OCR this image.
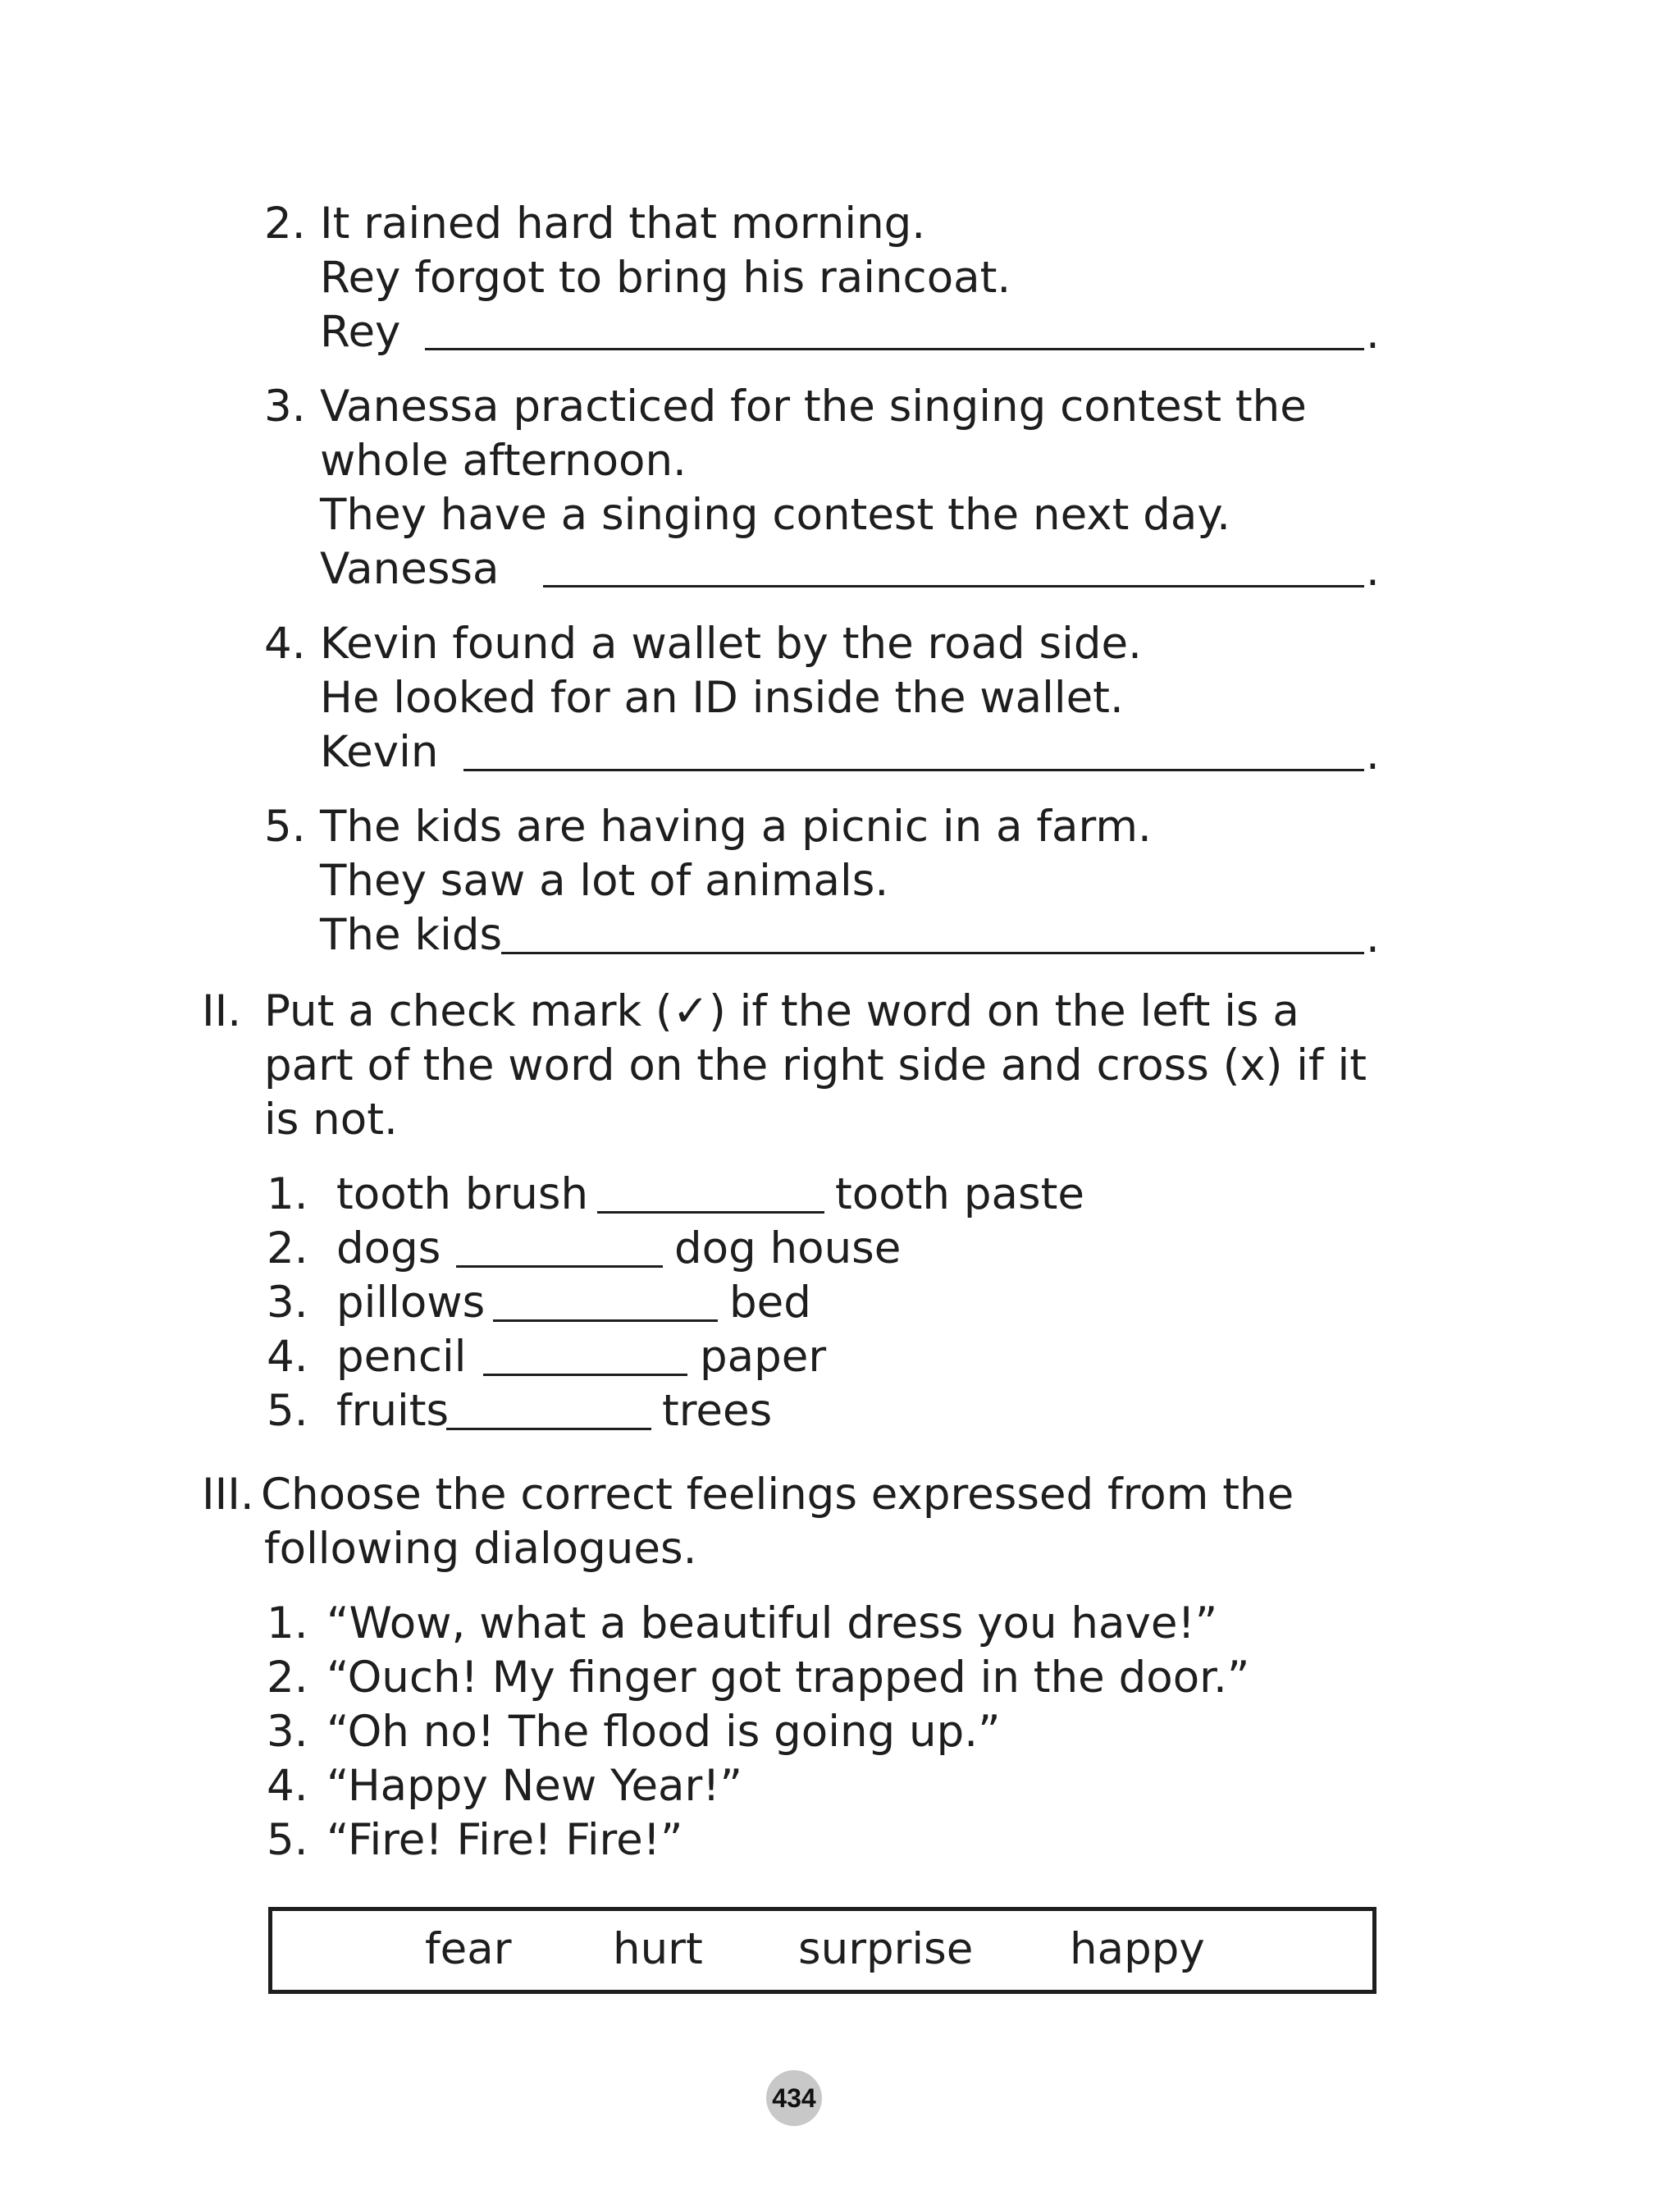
2. It rained hard that morning.
Rey forgot to bring his raincoat.
Rey	.
3. Vanessa practiced for the singing contest the
whole afternoon.
They have a singing contest the next day.
Vanessa	.
4. Kevin found a wallet by the road side.
He looked for an ID inside the wallet.
Kevin	.
5. The kids are having a picnic in a farm.
They saw a lot of animals.
The kids	.
II. Put a check mark (✓) if the word on the left is a
part of the word on the right side and cross (x) if it
is not.
1. tooth brush	tooth paste
2. dogs	dog house
3. pillows	bed
4. pencil	paper
5. fruits	trees
III. Choose the correct feelings expressed from the
following dialogues.
1. “Wow, what a beautiful dress you have!”
2. “Ouch! My finger got trapped in the door.”
3. “Oh no! The flood is going up.”
4. “Happy New Year!”
5. “Fire! Fire! Fire!”
fear hurt surprise happy
434
